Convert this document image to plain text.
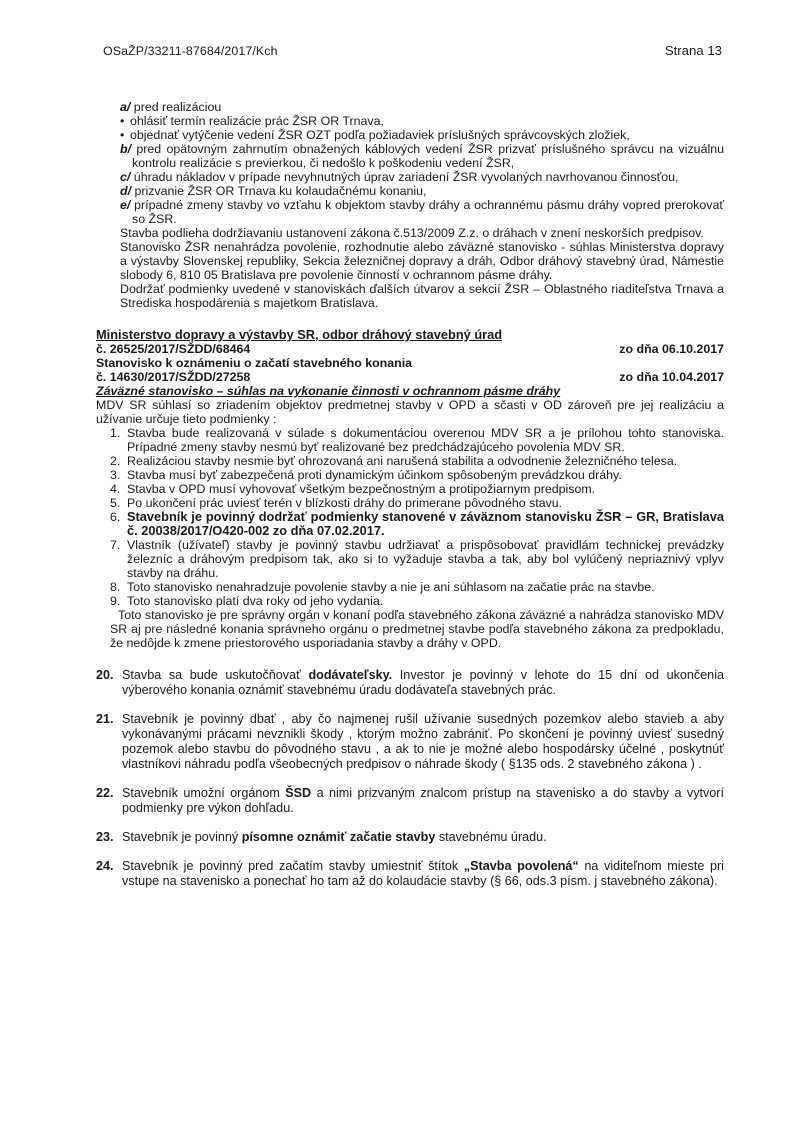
OSaŽP/33211-87684/2017/Kch	Strana 13
a/ pred realizáciou
• ohlásiť termín realizácie prác ŽSR OR Trnava,
• objednať vytýčenie vedení ŽSR OZT podľa požiadaviek príslušných správcovských zložiek,
b/ pred opätovným zahrnutím obnažených káblových vedení ŽSR prizvať príslušného správcu na vizuálnu kontrolu realizácie s previerkou, či nedošlo k poškodeniu vedení ŽSR,
c/ úhradu nákladov v prípade nevyhnutných úprav zariadení ŽSR vyvolaných navrhovanou činnosťou,
d/ prizvanie ŽSR OR Trnava ku kolaudačnému konaniu,
e/ prípadné zmeny stavby vo vzťahu k objektom stavby dráhy a ochrannému pásmu dráhy vopred prerokovať so ŽSR.
Stavba podlieha dodržiavaniu ustanovení zákona č.513/2009 Z.z. o dráhach v znení neskorších predpisov.
Stanovisko ŽSR nenahrádza povolenie, rozhodnutie alebo záväzné stanovisko - súhlas Ministerstva dopravy a výstavby Slovenskej republiky, Sekcia železničnej dopravy a dráh, Odbor dráhový stavebný úrad, Námestie slobody 6, 810 05 Bratislava pre povolenie činností v ochrannom pásme dráhy.
Dodržať podmienky uvedené v stanoviskách ďalších útvarov a sekcií ŽSR – Oblastného riaditeľstva Trnava a Strediska hospodárenia s majetkom Bratislava.
Ministerstvo dopravy a výstavby SR, odbor dráhový stavebný úrad
č. 26525/2017/SŽDD/68464	zo dňa 06.10.2017
Stanovisko k oznámeniu o začatí stavebného konania
č. 14630/2017/SŽDD/27258	zo dňa 10.04.2017
Záväzné stanovisko – súhlas na vykonanie činnosti v ochrannom pásme dráhy
MDV SR súhlasí so zriadením objektov predmetnej stavby v OPD a sčasti v OD zároveň pre jej realizáciu a užívanie určuje tieto podmienky :
1. Stavba bude realizovaná v súlade s dokumentáciou overenou MDV SR a je prílohou tohto stanoviska. Prípadné zmeny stavby nesmú byť realizované bez predchádzajúceho povolenia MDV SR.
2. Realizáciou stavby nesmie byť ohrozovaná ani narušená stabilita a odvodnenie železničného telesa.
3. Stavba musí byť zabezpečená proti dynamickým účinkom spôsobeným prevádzkou dráhy.
4. Stavba v OPD musí vyhovovať všetkým bezpečnostným a protipožiarnym predpisom.
5. Po ukončení prác uviesť terén v blízkosti dráhy do primerane pôvodného stavu.
6. Stavebník je povinný dodržať podmienky stanovené v záväznom stanovisku ŽSR – GR, Bratislava č. 20038/2017/O420-002 zo dňa 07.02.2017.
7. Vlastník (užívateľ) stavby je povinný stavbu udržiavať a prispôsobovať pravidlám technickej prevádzky železníc a dráhovým predpisom tak, ako si to vyžaduje stavba a tak, aby bol vylúčený nepriaznivý vplyv stavby na dráhu.
8. Toto stanovisko nenahradzuje povolenie stavby a nie je ani súhlasom na začatie prác na stavbe.
9. Toto stanovisko platí dva roky od jeho vydania.
Toto stanovisko je pre správny orgán v konaní podľa stavebného zákona záväzné a nahrádza stanovisko MDV SR aj pre následné konania správneho orgánu o predmetnej stavbe podľa stavebného zákona za predpokladu, že nedôjde k zmene priestorového usporiadania stavby a dráhy v OPD.
20. Stavba sa bude uskutočňovať dodávateľsky. Investor je povinný v lehote do 15 dní od ukončenia výberového konania oznámiť stavebnému úradu dodávateľa stavebných prác.
21. Stavebník je povinný dbať , aby čo najmenej rušil užívanie susedných pozemkov alebo stavieb a aby vykonávanými prácami nevznikli škody , ktorým možno zabrániť. Po skončení je povinný uviesť susedný pozemok alebo stavbu do pôvodného stavu , a ak to nie je možné alebo hospodársky účelné , poskytnúť vlastníkovi náhradu podľa všeobecných predpisov o náhrade škody ( §135 ods. 2 stavebného zákona ) .
22. Stavebník umožní orgánom ŠSD a nimi prizvaným znalcom prístup na stavenisko a do stavby a vytvorí podmienky pre výkon dohľadu.
23. Stavebník je povinný písomne oznámiť začatie stavby stavebnému úradu.
24. Stavebník je povinný pred začatím stavby umiestniť štítok „Stavba povolená“ na viditeľnom mieste pri vstupe na stavenisko a ponechať ho tam až do kolaudácie stavby (§ 66, ods.3 písm. j stavebného zákona).
